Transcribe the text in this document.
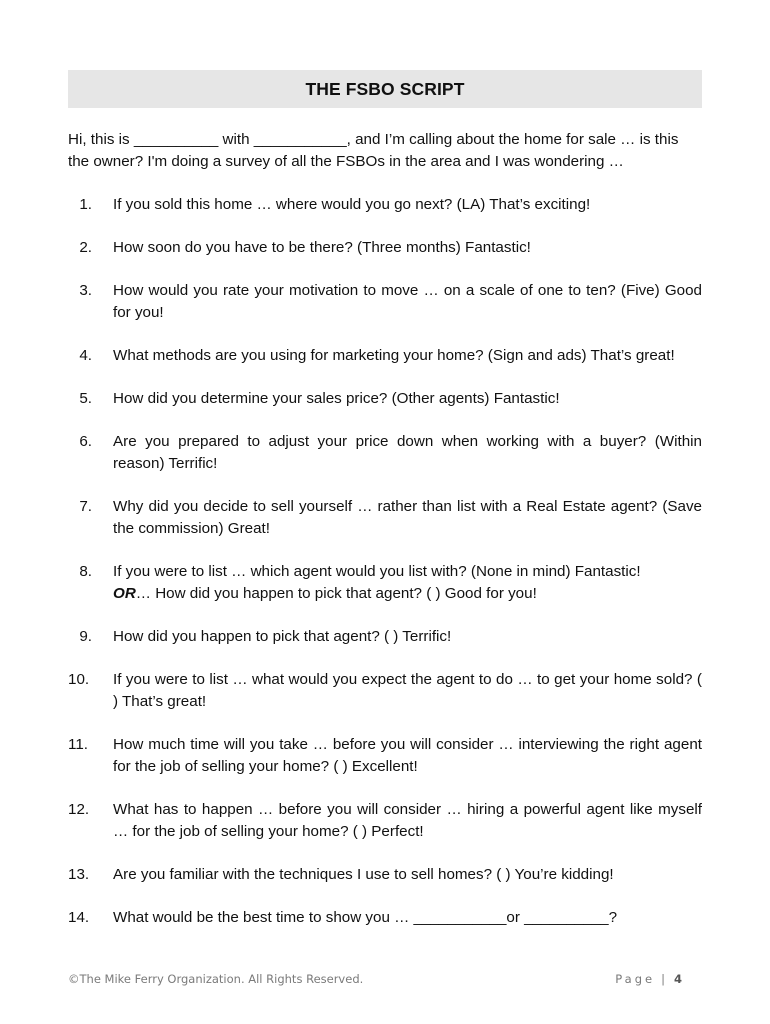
THE FSBO SCRIPT
Hi, this is __________ with ___________, and I’m calling about the home for sale … is this the owner? I'm doing a survey of all the FSBOs in the area and I was wondering …
1. If you sold this home … where would you go next? (LA) That’s exciting!
2. How soon do you have to be there? (Three months) Fantastic!
3. How would you rate your motivation to move … on a scale of one to ten? (Five) Good for you!
4. What methods are you using for marketing your home? (Sign and ads) That’s great!
5. How did you determine your sales price? (Other agents) Fantastic!
6. Are you prepared to adjust your price down when working with a buyer? (Within reason) Terrific!
7. Why did you decide to sell yourself … rather than list with a Real Estate agent? (Save the commission) Great!
8. If you were to list … which agent would you list with? (None in mind) Fantastic!
OR… How did you happen to pick that agent? ( ) Good for you!
9. How did you happen to pick that agent? ( ) Terrific!
10. If you were to list … what would you expect the agent to do … to get your home sold? ( ) That’s great!
11. How much time will you take … before you will consider … interviewing the right agent for the job of selling your home? ( ) Excellent!
12. What has to happen … before you will consider … hiring a powerful agent like myself … for the job of selling your home? ( ) Perfect!
13. Are you familiar with the techniques I use to sell homes? ( ) You’re kidding!
14. What would be the best time to show you … ___________or __________?
©The Mike Ferry Organization. All Rights Reserved.	Page | 4
